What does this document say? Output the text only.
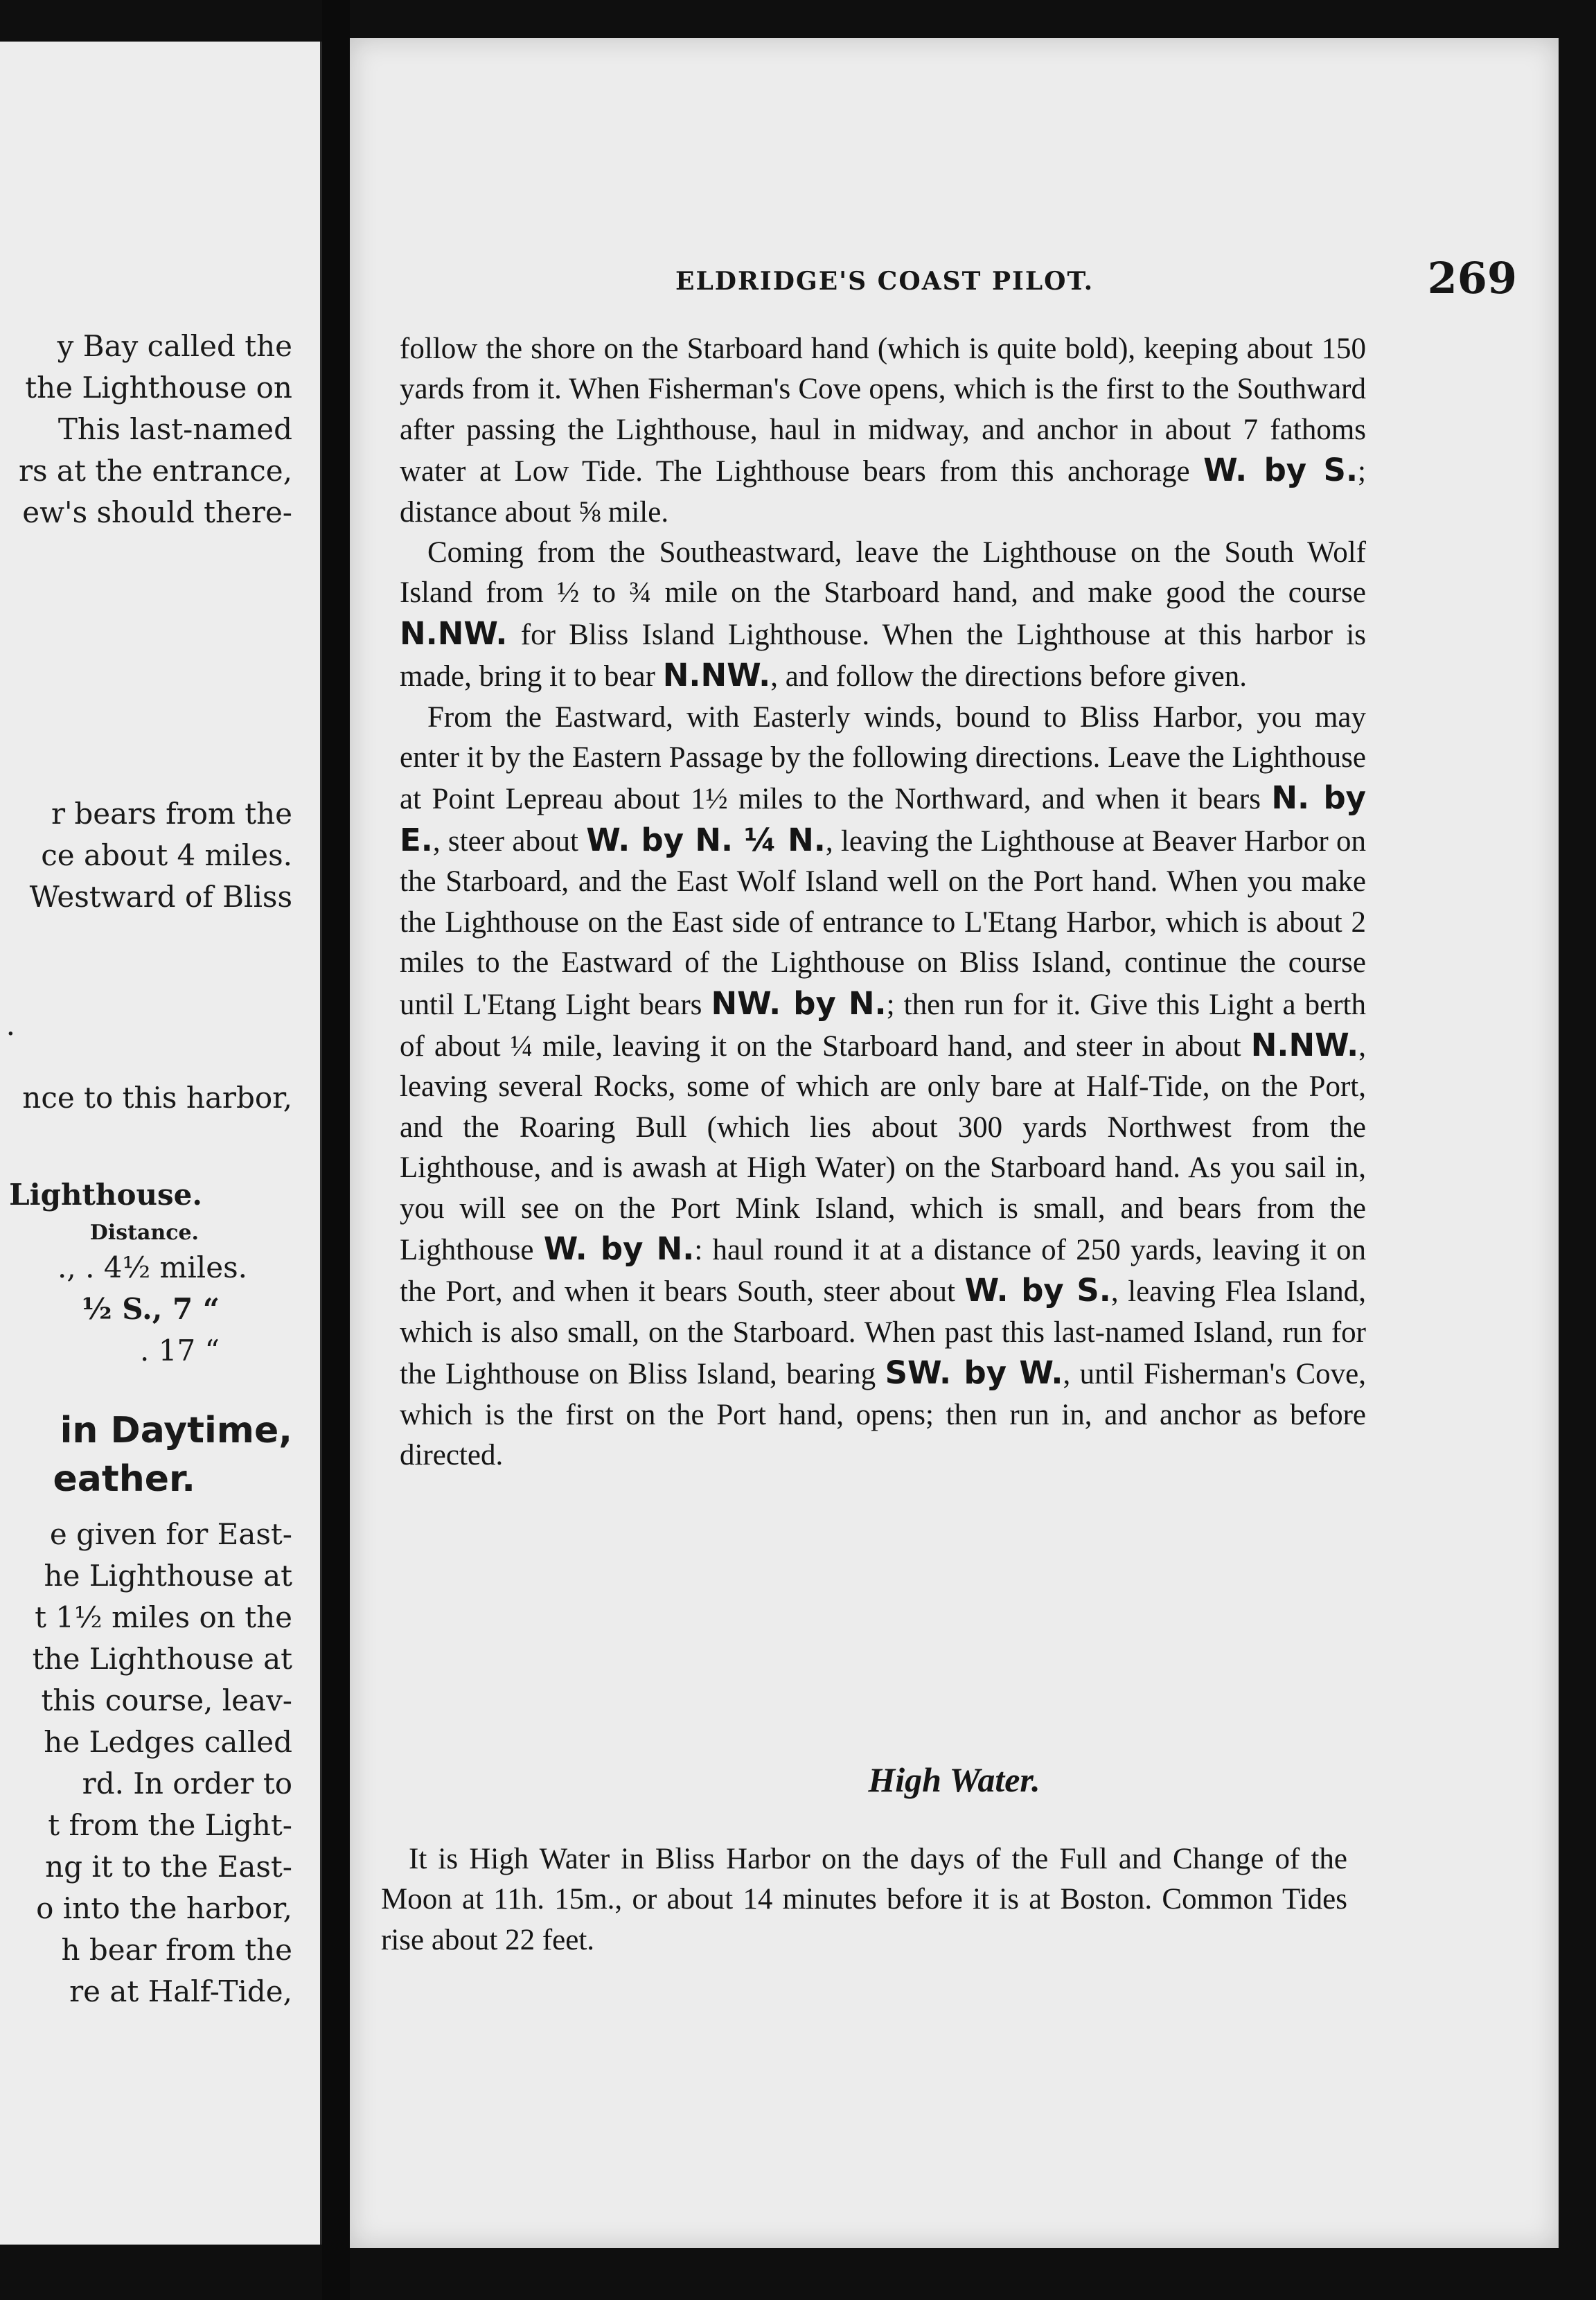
y Bay called the
the Lighthouse on
This last-named
rs at the entrance,
ew's should there-
r bears from the
ce about 4 miles.
Westward of Bliss
.
nce to this harbor,
Lighthouse.
Distance.
., . 4½ miles.
½ S., 7 “
. 17 “
in Daytime,
eather.
e given for East-
he Lighthouse at
t 1½ miles on the
the Lighthouse at
this course, leav-
he Ledges called
rd. In order to
t from the Light-
ng it to the East-
o into the harbor,
h bear from the
re at Half-Tide,
ELDRIDGE'S COAST PILOT.	269

follow the shore on the Starboard hand (which is quite bold), keeping about 150 yards from it. When Fisherman's Cove opens, which is the first to the Southward after passing the Lighthouse, haul in midway, and anchor in about 7 fathoms water at Low Tide. The Lighthouse bears from this anchorage W. by S.; distance about ⅝ mile.

Coming from the Southeastward, leave the Lighthouse on the South Wolf Island from ½ to ¾ mile on the Starboard hand, and make good the course N.NW. for Bliss Island Lighthouse. When the Lighthouse at this harbor is made, bring it to bear N.NW., and follow the directions before given.

From the Eastward, with Easterly winds, bound to Bliss Harbor, you may enter it by the Eastern Passage by the following directions. Leave the Lighthouse at Point Lepreau about 1½ miles to the Northward, and when it bears N. by E., steer about W. by N. ¼ N., leaving the Lighthouse at Beaver Harbor on the Starboard, and the East Wolf Island well on the Port hand. When you make the Lighthouse on the East side of entrance to L'Etang Harbor, which is about 2 miles to the Eastward of the Lighthouse on Bliss Island, continue the course until L'Etang Light bears NW. by N.; then run for it. Give this Light a berth of about ¼ mile, leaving it on the Starboard hand, and steer in about N.NW., leaving several Rocks, some of which are only bare at Half-Tide, on the Port, and the Roaring Bull (which lies about 300 yards Northwest from the Lighthouse, and is awash at High Water) on the Starboard hand. As you sail in, you will see on the Port Mink Island, which is small, and bears from the Lighthouse W. by N.: haul round it at a distance of 250 yards, leaving it on the Port, and when it bears South, steer about W. by S., leaving Flea Island, which is also small, on the Starboard. When past this last-named Island, run for the Lighthouse on Bliss Island, bearing SW. by W., until Fisherman's Cove, which is the first on the Port hand, opens; then run in, and anchor as before directed.

High Water.

It is High Water in Bliss Harbor on the days of the Full and Change of the Moon at 11h. 15m., or about 14 minutes before it is at Boston. Common Tides rise about 22 feet.
